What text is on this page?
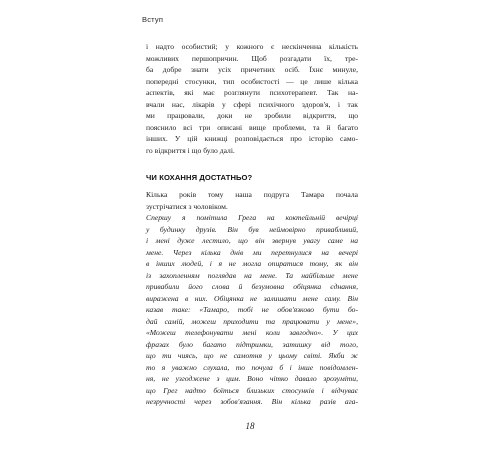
Вступ
і надто особистий; у кожного є нескінченна кількість
можливих першопричин. Щоб розгадати їх, тре-
ба добре знати усіх причетних осіб. Їхнє минуле,
попередні стосунки, тип особистості — це лише кілька
аспектів, які має розглянути психотерапевт. Так на-
вчали нас, лікарів у сфері психічного здоров'я, і так
ми працювали, доки не зробили відкриття, що
пояснило всі три описані вище проблеми, та й багато
інших. У цій книжці розповідається про історію само-
го відкриття і що було далі.
ЧИ КОХАННЯ ДОСТАТНЬО?
Кілька років тому наша подруга Тамара почала
зустрічатися з чоловіком.
Спершу я помітила Грега на коктейльній вечірці
у будинку друзів. Він був неймовірно привабливий,
і мені дуже лестило, що він звернув увагу саме на
мене. Через кілька днів ми перетнулися на вечері
в інших людей, і я не могла опиратися тому, як він
із захопленням поглядав на мене. Та найбільше мене
привабили його слова й безумовна обіцянка єднання,
виражена в них. Обіцянка не залишати мене саму. Він
казав таке: «Тамаро, тобі не обов'язково бути бо-
дай самій, можеш приходити та працювати у мене»,
«Можеш телефонувати мені коли завгодно». У цих
фразах було багато підтримки, затишку від того,
що ти чиясь, що не самотня у цьому світі. Якби ж
то я уважно слухала, то почула б і інше повідомлен-
ня, не узгоджене з цим. Воно чітко давало зрозуміти,
що Грег надто боїться близьких стосунків і відчуває
незручності через зобов'язання. Він кілька разів ага-
18
